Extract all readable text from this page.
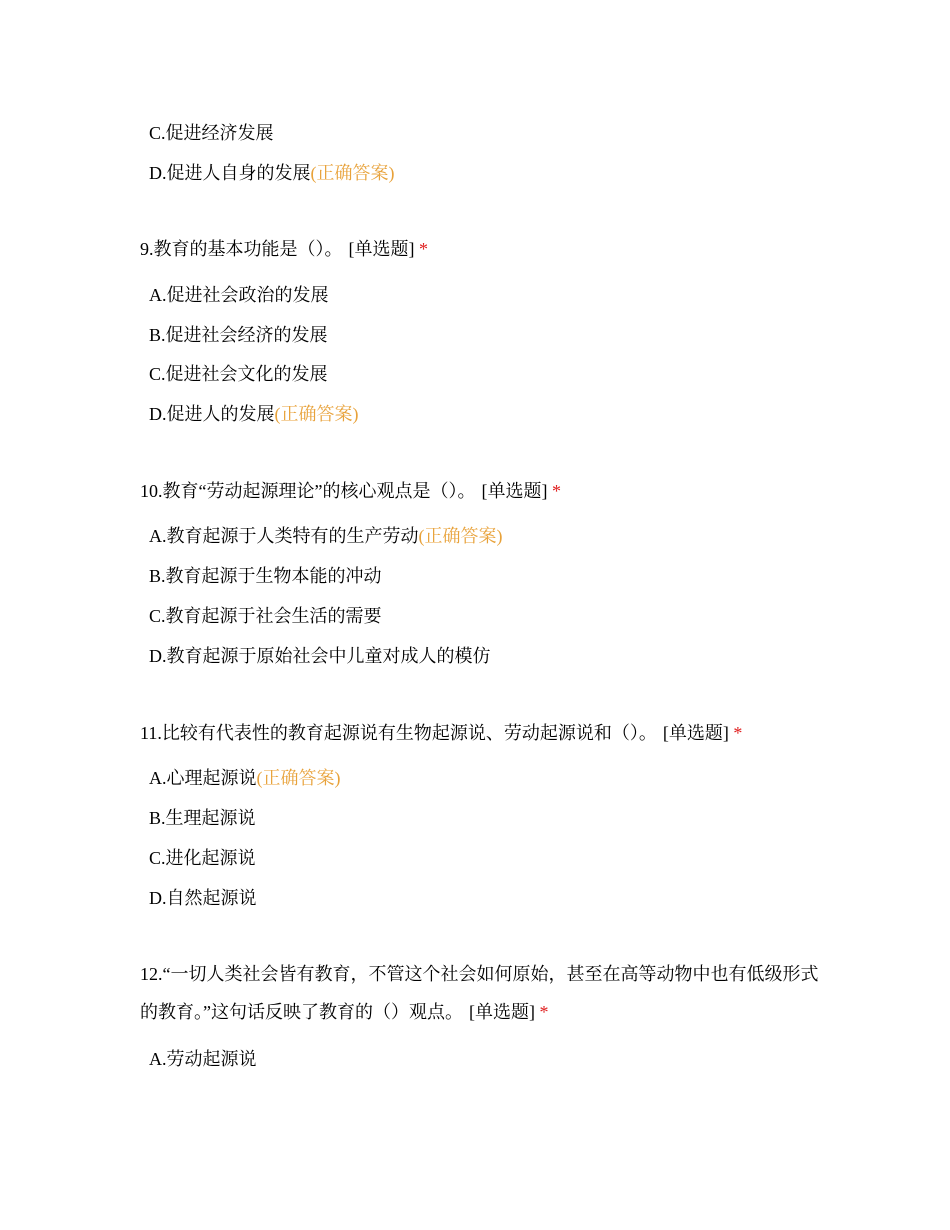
C.促进经济发展
D.促进人自身的发展(正确答案)
9.教育的基本功能是（）。 [单选题] *
A.促进社会政治的发展
B.促进社会经济的发展
C.促进社会文化的发展
D.促进人的发展(正确答案)
10.教育“劳动起源理论”的核心观点是（）。 [单选题] *
A.教育起源于人类特有的生产劳动(正确答案)
B.教育起源于生物本能的冲动
C.教育起源于社会生活的需要
D.教育起源于原始社会中儿童对成人的模仿
11.比较有代表性的教育起源说有生物起源说、劳动起源说和（）。 [单选题] *
A.心理起源说(正确答案)
B.生理起源说
C.进化起源说
D.自然起源说
12.“一切人类社会皆有教育，不管这个社会如何原始，甚至在高等动物中也有低级形式的教育。”这句话反映了教育的（）观点。 [单选题] *
A.劳动起源说
